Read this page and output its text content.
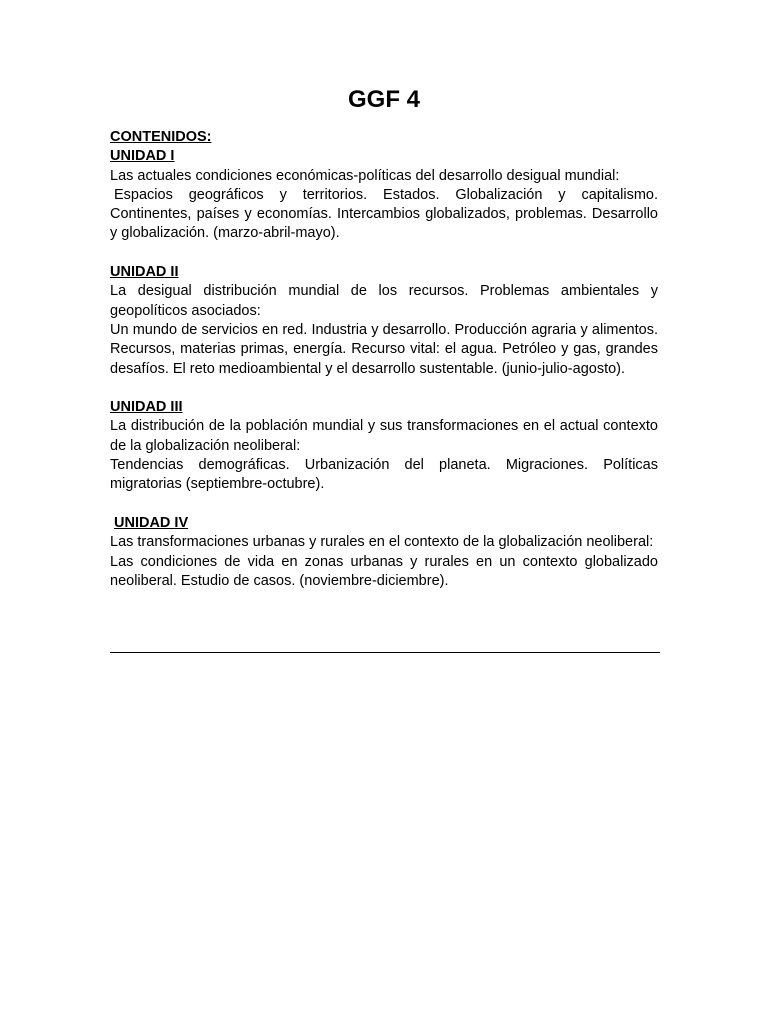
GGF 4

CONTENIDOS:

UNIDAD I

Las actuales condiciones económicas-políticas del desarrollo desigual mundial:

Espacios geográficos y territorios. Estados. Globalización y capitalismo. Continentes, países y economías. Intercambios globalizados, problemas. Desarrollo y globalización. (marzo-abril-mayo).

UNIDAD II

La desigual distribución mundial de los recursos. Problemas ambientales y geopolíticos asociados:

Un mundo de servicios en red. Industria y desarrollo. Producción agraria y alimentos. Recursos, materias primas, energía. Recurso vital: el agua. Petróleo y gas, grandes desafíos. El reto medioambiental y el desarrollo sustentable. (junio-julio-agosto).

UNIDAD III

La distribución de la población mundial y sus transformaciones en el actual contexto de la globalización neoliberal:

Tendencias demográficas. Urbanización del planeta. Migraciones. Políticas migratorias (septiembre-octubre).

UNIDAD IV

Las transformaciones urbanas y rurales en el contexto de la globalización neoliberal:

Las condiciones de vida en zonas urbanas y rurales en un contexto globalizado neoliberal. Estudio de casos. (noviembre-diciembre).
